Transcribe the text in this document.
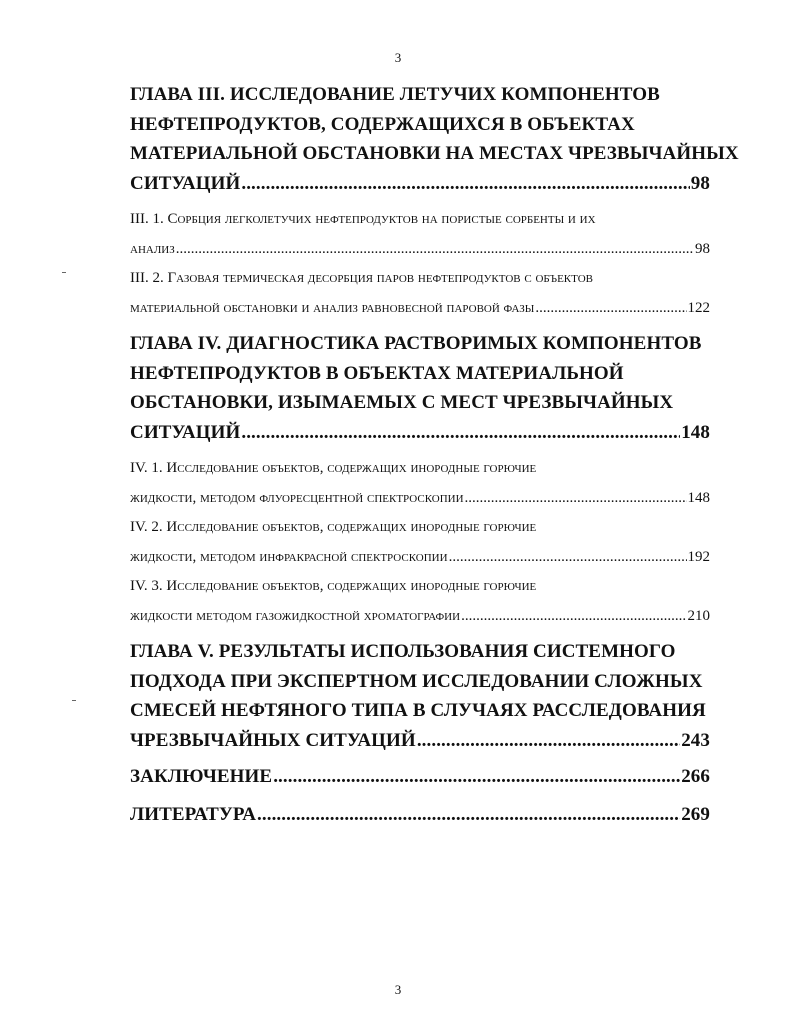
3
ГЛАВА III. ИССЛЕДОВАНИЕ ЛЕТУЧИХ КОМПОНЕНТОВ
НЕФТЕПРОДУКТОВ, СОДЕРЖАЩИХСЯ В ОБЪЕКТАХ
МАТЕРИАЛЬНОЙ ОБСТАНОВКИ НА МЕСТАХ ЧРЕЗВЫЧАЙНЫХ
СИТУАЦИЙ .....	98
III. 1. Сорбция легколетучих нефтепродуктов на пористые сорбенты и их
анализ .....	98
III. 2. Газовая термическая десорбция паров нефтепродуктов с объектов
материальной обстановки и анализ равновесной паровой фазы .....	122
ГЛАВА IV. ДИАГНОСТИКА РАСТВОРИМЫХ КОМПОНЕНТОВ
НЕФТЕПРОДУКТОВ В ОБЪЕКТАХ МАТЕРИАЛЬНОЙ
ОБСТАНОВКИ, ИЗЫМАЕМЫХ С МЕСТ ЧРЕЗВЫЧАЙНЫХ
СИТУАЦИЙ .....	148
IV. 1. Исследование объектов, содержащих инородные горючие
жидкости, методом флуоресцентной спектроскопии .....	148
IV. 2. Исследование объектов, содержащих инородные горючие
жидкости, методом инфракрасной спектроскопии .....	192
IV. 3. Исследование объектов, содержащих инородные горючие
жидкости методом газожидкостной хроматографии .....	210
ГЛАВА V. РЕЗУЛЬТАТЫ ИСПОЛЬЗОВАНИЯ СИСТЕМНОГО
ПОДХОДА ПРИ ЭКСПЕРТНОМ ИССЛЕДОВАНИИ СЛОЖНЫХ
СМЕСЕЙ НЕФТЯНОГО ТИПА В СЛУЧАЯХ РАССЛЕДОВАНИЯ
ЧРЕЗВЫЧАЙНЫХ СИТУАЦИЙ .....	243
ЗАКЛЮЧЕНИЕ .....	266
ЛИТЕРАТУРА .....	269
3
